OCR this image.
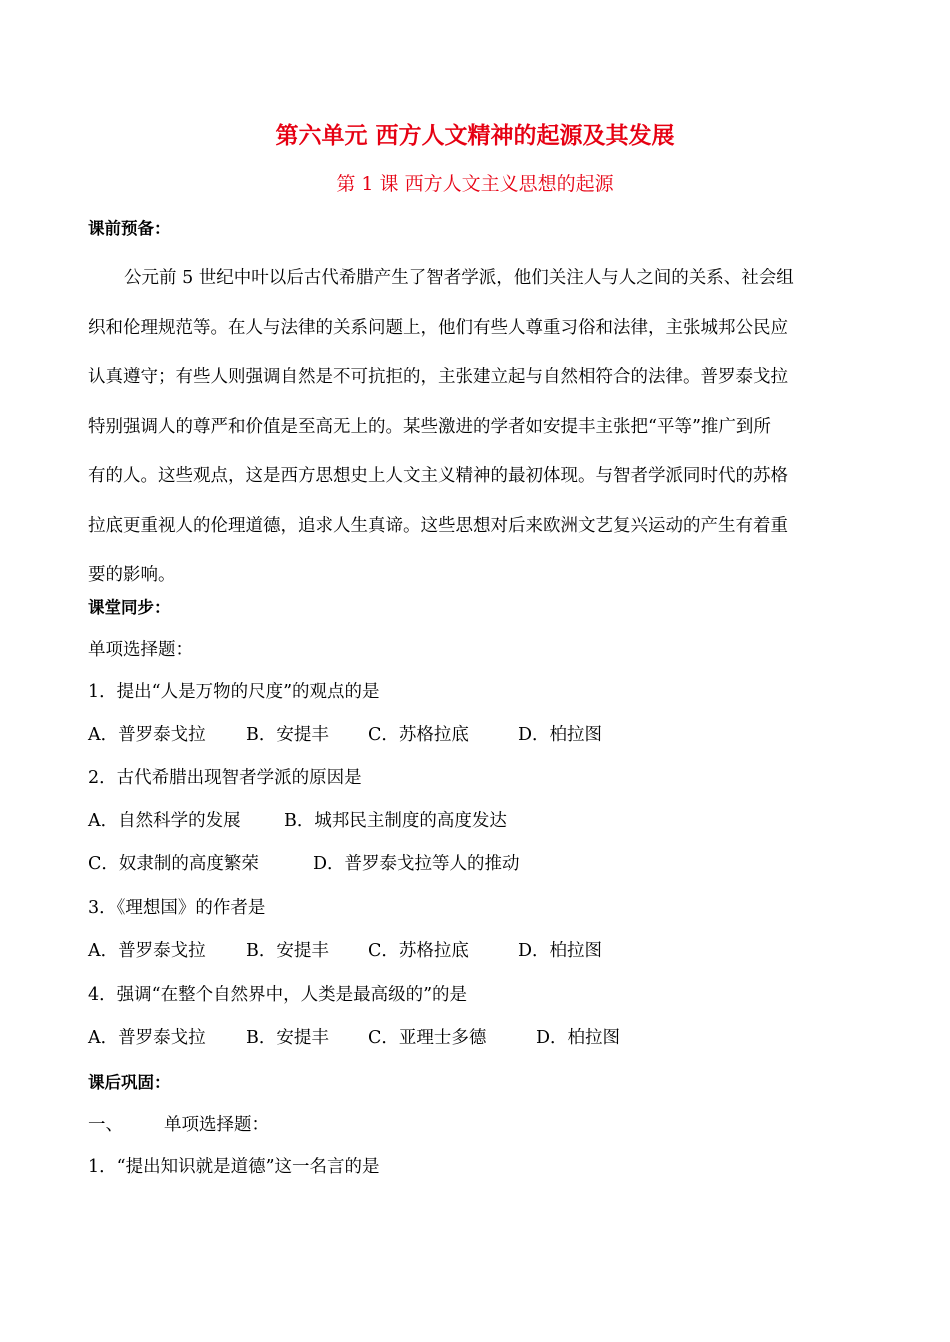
第六单元 西方人文精神的起源及其发展
第 1 课 西方人文主义思想的起源
课前预备：
公元前 5 世纪中叶以后古代希腊产生了智者学派，他们关注人与人之间的关系、社会组
织和伦理规范等。在人与法律的关系问题上，他们有些人尊重习俗和法律，主张城邦公民应
认真遵守；有些人则强调自然是不可抗拒的，主张建立起与自然相符合的法律。普罗泰戈拉
特别强调人的尊严和价值是至高无上的。某些激进的学者如安提丰主张把“平等”推广到所
有的人。这些观点，这是西方思想史上人文主义精神的最初体现。与智者学派同时代的苏格
拉底更重视人的伦理道德，追求人生真谛。这些思想对后来欧洲文艺复兴运动的产生有着重
要的影响。
课堂同步：
单项选择题：
1．提出“人是万物的尺度”的观点的是
A．普罗泰戈拉 B．安提丰 C．苏格拉底	D．柏拉图
2．古代希腊出现智者学派的原因是
A．自然科学的发展 B．城邦民主制度的高度发达
C．奴隶制的高度繁荣	D．普罗泰戈拉等人的推动
3．《理想国》的作者是
A．普罗泰戈拉 B．安提丰 C．苏格拉底	D．柏拉图
4．强调“在整个自然界中，人类是最高级的”的是
A．普罗泰戈拉 B．安提丰 C．亚理士多德	D．柏拉图
课后巩固：
一、 单项选择题：
1．“提出知识就是道德”这一名言的是
